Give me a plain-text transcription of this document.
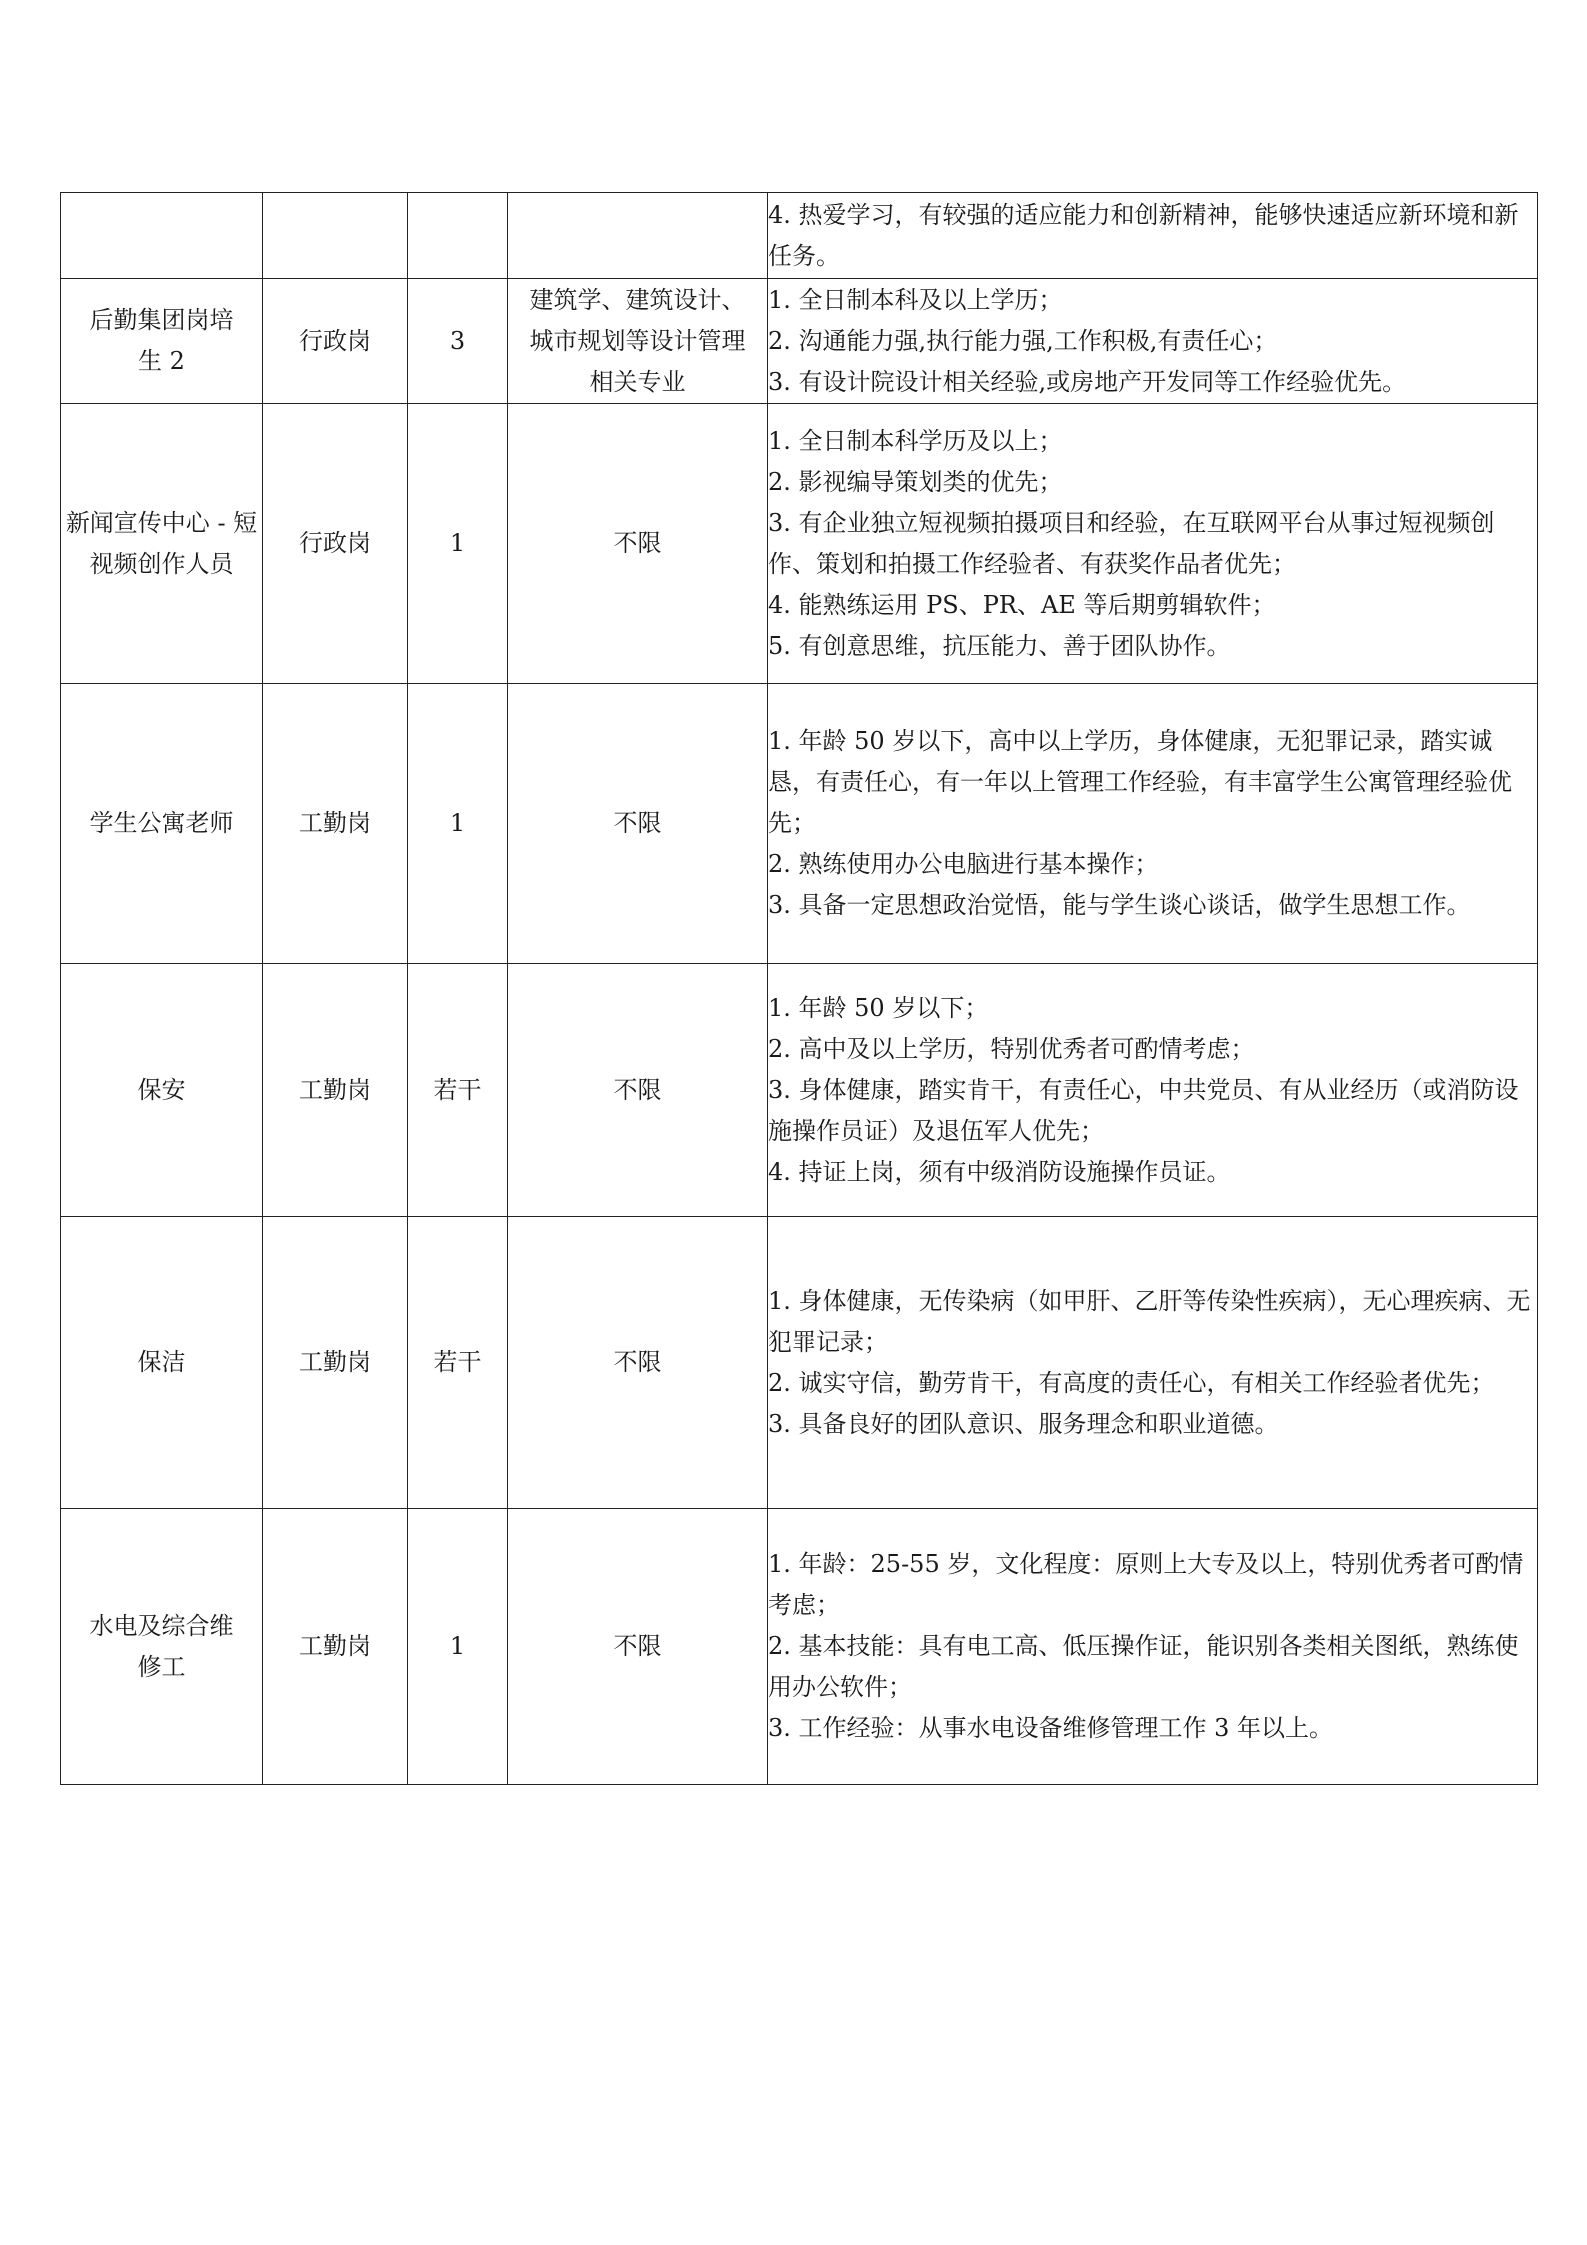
				4. 热爱学习，有较强的适应能力和创新精神，能够快速适应新环境和新任务。

后勤集团岗培生 2	行政岗	3	建筑学、建筑设计、城市规划等设计管理相关专业	1. 全日制本科及以上学历；
2. 沟通能力强,执行能力强,工作积极,有责任心；
3. 有设计院设计相关经验,或房地产开发同等工作经验优先。

新闻宣传中心 - 短视频创作人员	行政岗	1	不限	1. 全日制本科学历及以上；
2. 影视编导策划类的优先；
3. 有企业独立短视频拍摄项目和经验，在互联网平台从事过短视频创作、策划和拍摄工作经验者、有获奖作品者优先；
4. 能熟练运用 PS、PR、AE 等后期剪辑软件；
5. 有创意思维，抗压能力、善于团队协作。

学生公寓老师	工勤岗	1	不限	1. 年龄 50 岁以下，高中以上学历，身体健康，无犯罪记录，踏实诚恳，有责任心，有一年以上管理工作经验，有丰富学生公寓管理经验优先；
2. 熟练使用办公电脑进行基本操作；
3. 具备一定思想政治觉悟，能与学生谈心谈话，做学生思想工作。

保安	工勤岗	若干	不限	1. 年龄 50 岁以下；
2. 高中及以上学历，特别优秀者可酌情考虑；
3. 身体健康，踏实肯干，有责任心，中共党员、有从业经历（或消防设施操作员证）及退伍军人优先；
4. 持证上岗，须有中级消防设施操作员证。

保洁	工勤岗	若干	不限	1. 身体健康，无传染病（如甲肝、乙肝等传染性疾病），无心理疾病、无犯罪记录；
2. 诚实守信，勤劳肯干，有高度的责任心，有相关工作经验者优先；
3. 具备良好的团队意识、服务理念和职业道德。

水电及综合维修工	工勤岗	1	不限	1. 年龄：25-55 岁，文化程度：原则上大专及以上，特别优秀者可酌情考虑；
2. 基本技能：具有电工高、低压操作证，能识别各类相关图纸，熟练使用办公软件；
3. 工作经验：从事水电设备维修管理工作 3 年以上。
